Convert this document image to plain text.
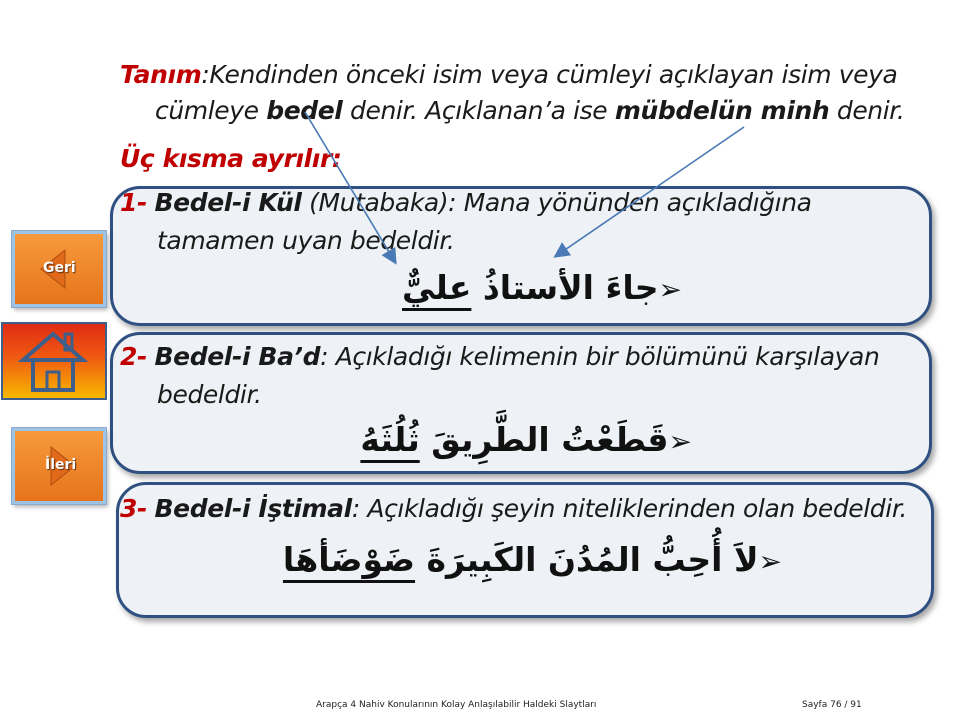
Tanım:Kendinden önceki isim veya cümleyi açıklayan isim veya
cümleye bedel denir. Açıklanan’a ise mübdelün minh denir.
Üç kısma ayrılır:
1- Bedel-i Kül (Mutabaka): Mana yönünden açıkladığına
tamamen uyan bedeldir.
➢جاءَ الأستاذُ عليٌّ
2- Bedel-i Ba’d: Açıkladığı kelimenin bir bölümünü karşılayan
bedeldir.
➢قَطَعْتُ الطَّرِيقَ ثُلُثَهُ
3- Bedel-i İştimal: Açıkladığı şeyin niteliklerinden olan bedeldir.
➢لاَ أُحِبُّ المُدُنَ الكَبِيرَةَ ضَوْضَأهَا
Geri
İleri
Arapça 4 Nahiv Konularının Kolay Anlaşılabilir Haldeki Slaytları	Sayfa 76 / 91
